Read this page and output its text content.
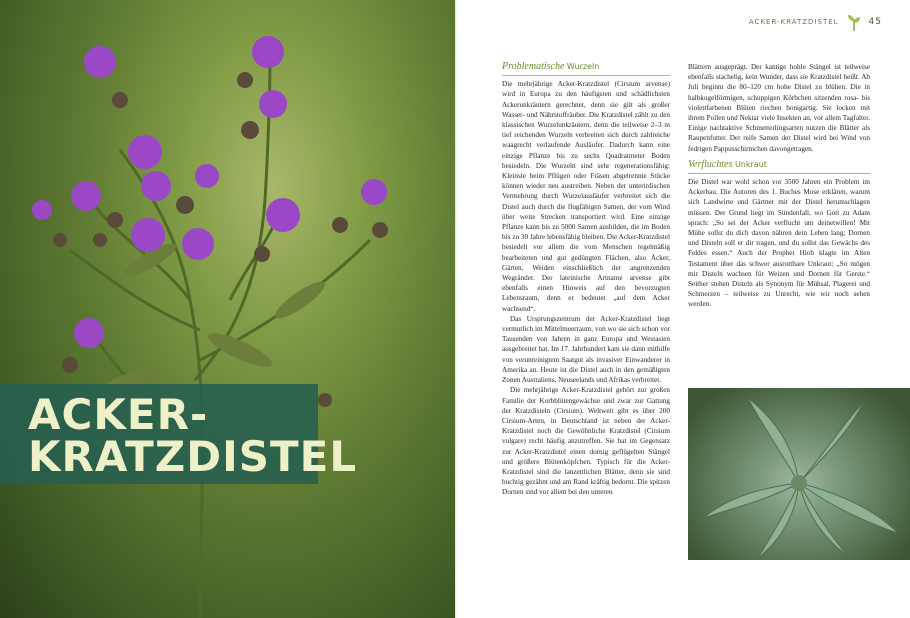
ACKER-
KRATZDISTEL
ACKER-KRATZDISTEL	45
Problematische Wurzeln

Die mehrjährige Acker-Kratzdistel (Cirsium arvense) wird in Europa zu den häufigsten und schädlichsten Ackerunkräutern gerechnet, denn sie gilt als großer Wasser- und Nährstoffräuber. Die Kratzdistel zählt zu den klassischen Wurzelunkräutern, denn die teilweise 2–3 m tief reichenden Wurzeln verbreiten sich durch zahlreiche waagrecht verlaufende Ausläufer. Dadurch kann eine einzige Pflanze bis zu sechs Quadratmeter Boden besiedeln. Die Wurzeln sind sehr regenerationsfähig: Kleinste beim Pflügen oder Fräsen abgetrennte Stücke können wieder neu austreiben. Neben der unterirdischen Vermehrung durch Wurzelausläufer verbreitet sich die Distel auch durch die flugfähigen Samen, der vom Wind über weite Strecken transportiert wird. Eine einzige Pflanze kann bis zu 5000 Samen ausbilden, die im Boden bis zu 30 Jahre lebensfähig bleiben. Die Acker-Kratzdistel besiedelt vor allem die vom Menschen regelmäßig bearbeiteten und gut gedüngten Flächen, also Äcker, Gärten, Weiden einschließlich der angrenzenden Wegränder. Der lateinische Artname arvense gibt ebenfalls einen Hinweis auf den bevorzugten Lebensraum, denn er bedeutet „auf dem Acker wachsend“.

Das Ursprungszentrum der Acker-Kratzdistel liegt vermutlich im Mittelmeerraum, von wo sie sich schon vor Tausenden von Jahren in ganz Europa und Westasien ausgebreitet hat. Im 17. Jahrhundert kam sie dann mithilfe von verunreinigtem Saatgut als invasiver Einwanderer in Amerika an. Heute ist die Distel auch in den gemäßigten Zonen Australiens, Neuseelands und Afrikas verbreitet.

Die mehrjährige Acker-Kratzdistel gehört zur großen Familie der Korbblütengewächse und zwar zur Gattung der Kratzdisteln (Cirsium). Weltweit gibt es über 200 Cirsium-Arten, in Deutschland ist neben der Acker-Kratzdistel noch die Gewöhnliche Kratzdistel (Cirsium vulgare) recht häufig anzutreffen. Sie hat im Gegensatz zur Acker-Kratzdistel einen dornig geflügelten Stängel und größere Blütenköpfchen. Typisch für die Acker-Kratzdistel sind die lanzettlichen Blätter, denn sie sind buchtig gezähnt und am Rand kräftig bedornt. Die spitzen Dornen sind vor allem bei den unteren

Blättern ausgeprägt. Der kantige hohle Stängel ist teilweise ebenfalls stachelig, kein Wunder, dass sie Kratzdistel heißt. Ab Juli beginnt die 80–120 cm hohe Distel zu blühen. Die in halbkugelförmigen, schuppigen Körbchen sitzenden rosa- bis violettfarbenen Blüten riechen honigartig. Sie locken mit ihrem Pollen und Nektar viele Insekten an, vor allem Tagfalter. Einige nachtaktive Schmetterlingsarten nutzen die Blätter als Raupenfutter. Der reife Samen der Distel wird bei Wind von fedrigen Pappusschirmchen davongetragen.

Verfluchtes Unkraut

Die Distel war wohl schon vor 3500 Jahren ein Problem im Ackerbau. Die Autoren des 1. Buches Mose erklären, warum sich Landwirte und Gärtner mit der Distel herumschlagen müssen. Der Grund liegt im Sündenfall, wo Gott zu Adam sprach: „So sei der Acker verflucht um deinetwillen! Mit Mühe sollst du dich davon nähren dein Leben lang; Dornen und Disteln soll er dir tragen, und du sollst das Gewächs des Feldes essen.“ Auch der Prophet Hiob klagte im Alten Testament über das schwer ausrottbare Unkraut: „So mögen mir Disteln wachsen für Weizen und Dornen für Gerste.“ Seither stehen Disteln als Synonym für Mühsal, Plagerei und Schmerzen – teilweise zu Unrecht, wie wir noch sehen werden.
